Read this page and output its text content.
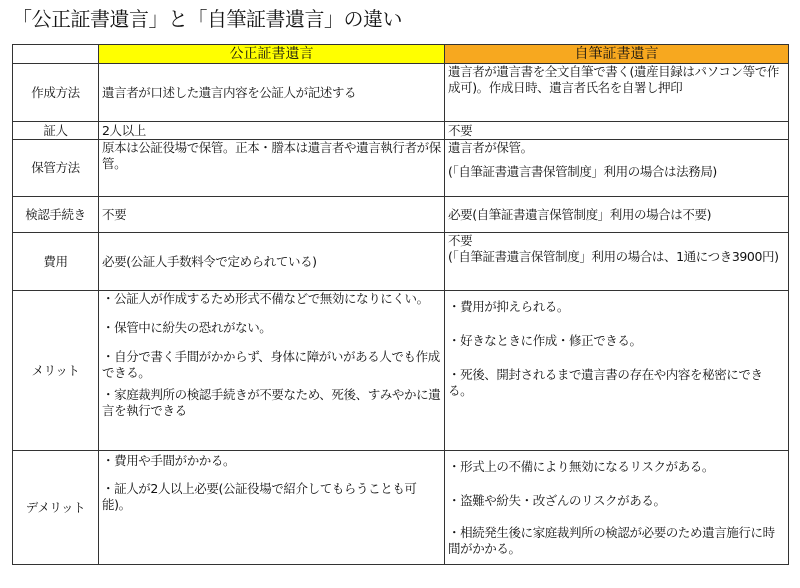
「公正証書遺言」と「自筆証書遺言」の違い
	公正証書遺言	自筆証書遺言
作成方法	遺言者が口述した遺言内容を公証人が記述する	遺言者が遺言書を全文自筆で書く(遺産目録はパソコン等で作成可)。作成日時、遺言者氏名を自署し押印
証人	2人以上	不要
保管方法	原本は公証役場で保管。正本・謄本は遺言者や遺言執行者が保管。	遺言者が保管。
(「自筆証書遺言書保管制度」利用の場合は法務局)

検認手続き	不要	必要(自筆証書遺言保管制度」利用の場合は不要)
費用	必要(公証人手数料令で定められている)	不要
(「自筆証書遺言保管制度」利用の場合は、1通につき3900円)

メリット	・公証人が作成するため形式不備などで無効になりにくい。
・保管中に紛失の恐れがない。
・自分で書く手間がかからず、身体に障がいがある人でも作成できる。
・家庭裁判所の検認手続きが不要なため、死後、すみやかに遺言を執行できる	・費用が抑えられる。
・好きなときに作成・修正できる。
・死後、開封されるまで遺言書の存在や内容を秘密にできる。

デメリット	・費用や手間がかかる。
・証人が2人以上必要(公証役場で紹介してもらうことも可能)。	・形式上の不備により無効になるリスクがある。
・盗難や紛失・改ざんのリスクがある。
・相続発生後に家庭裁判所の検認が必要のため遺言施行に時間がかかる。
